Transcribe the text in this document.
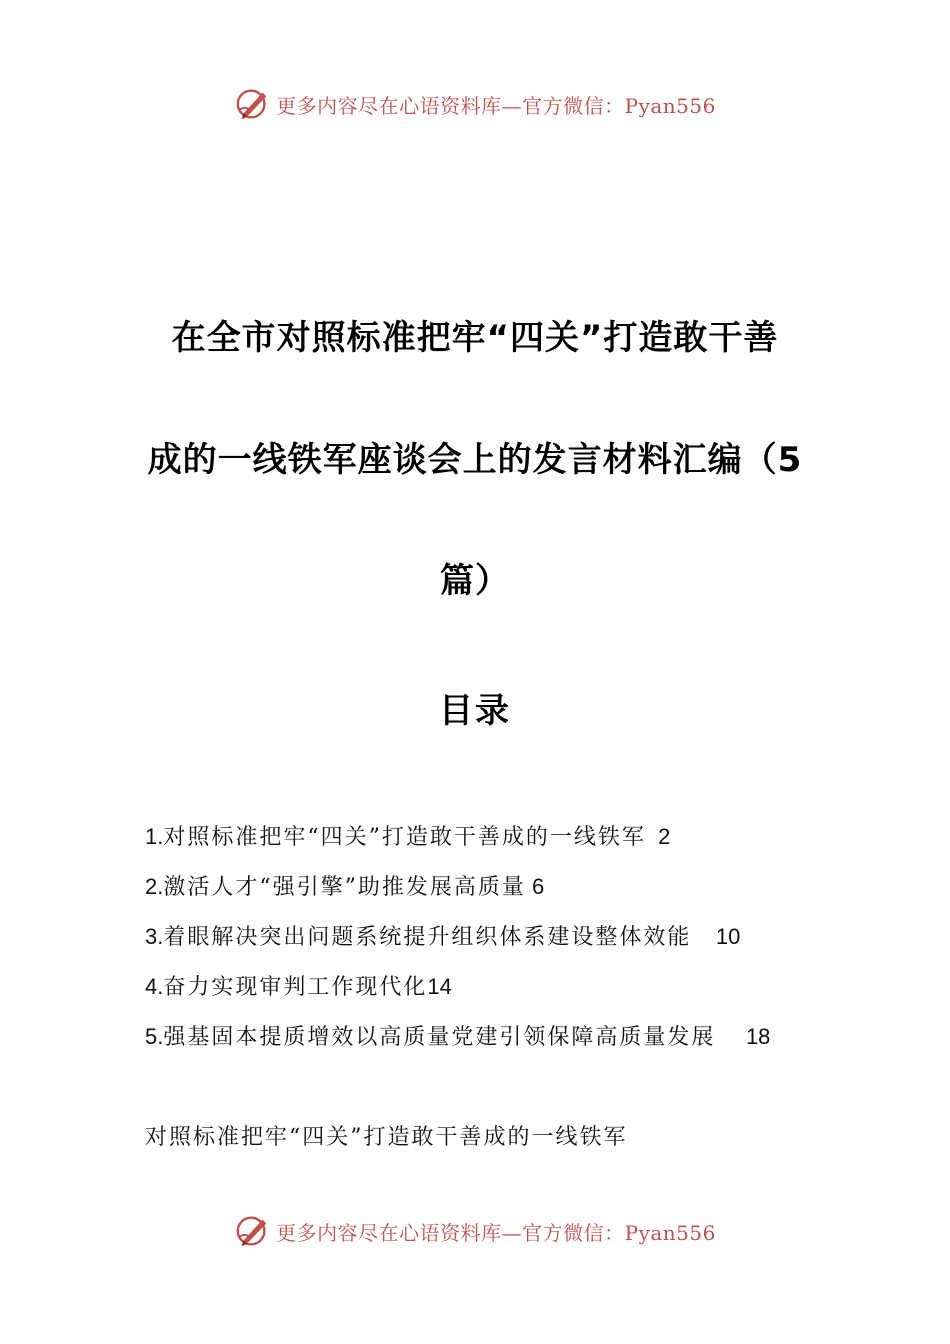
更多内容尽在心语资料库—官方微信：Pyan556
在全市对照标准把牢“四关”打造敢干善
成的一线铁军座谈会上的发言材料汇编（5
篇）
目录
1.对照标准把牢“四关”打造敢干善成的一线铁军 2
2.激活人才“强引擎”助推发展高质量 6
3.着眼解决突出问题系统提升组织体系建设整体效能 10
4.奋力实现审判工作现代化14
5.强基固本提质增效以高质量党建引领保障高质量发展 18
对照标准把牢“四关”打造敢干善成的一线铁军
更多内容尽在心语资料库—官方微信：Pyan556
